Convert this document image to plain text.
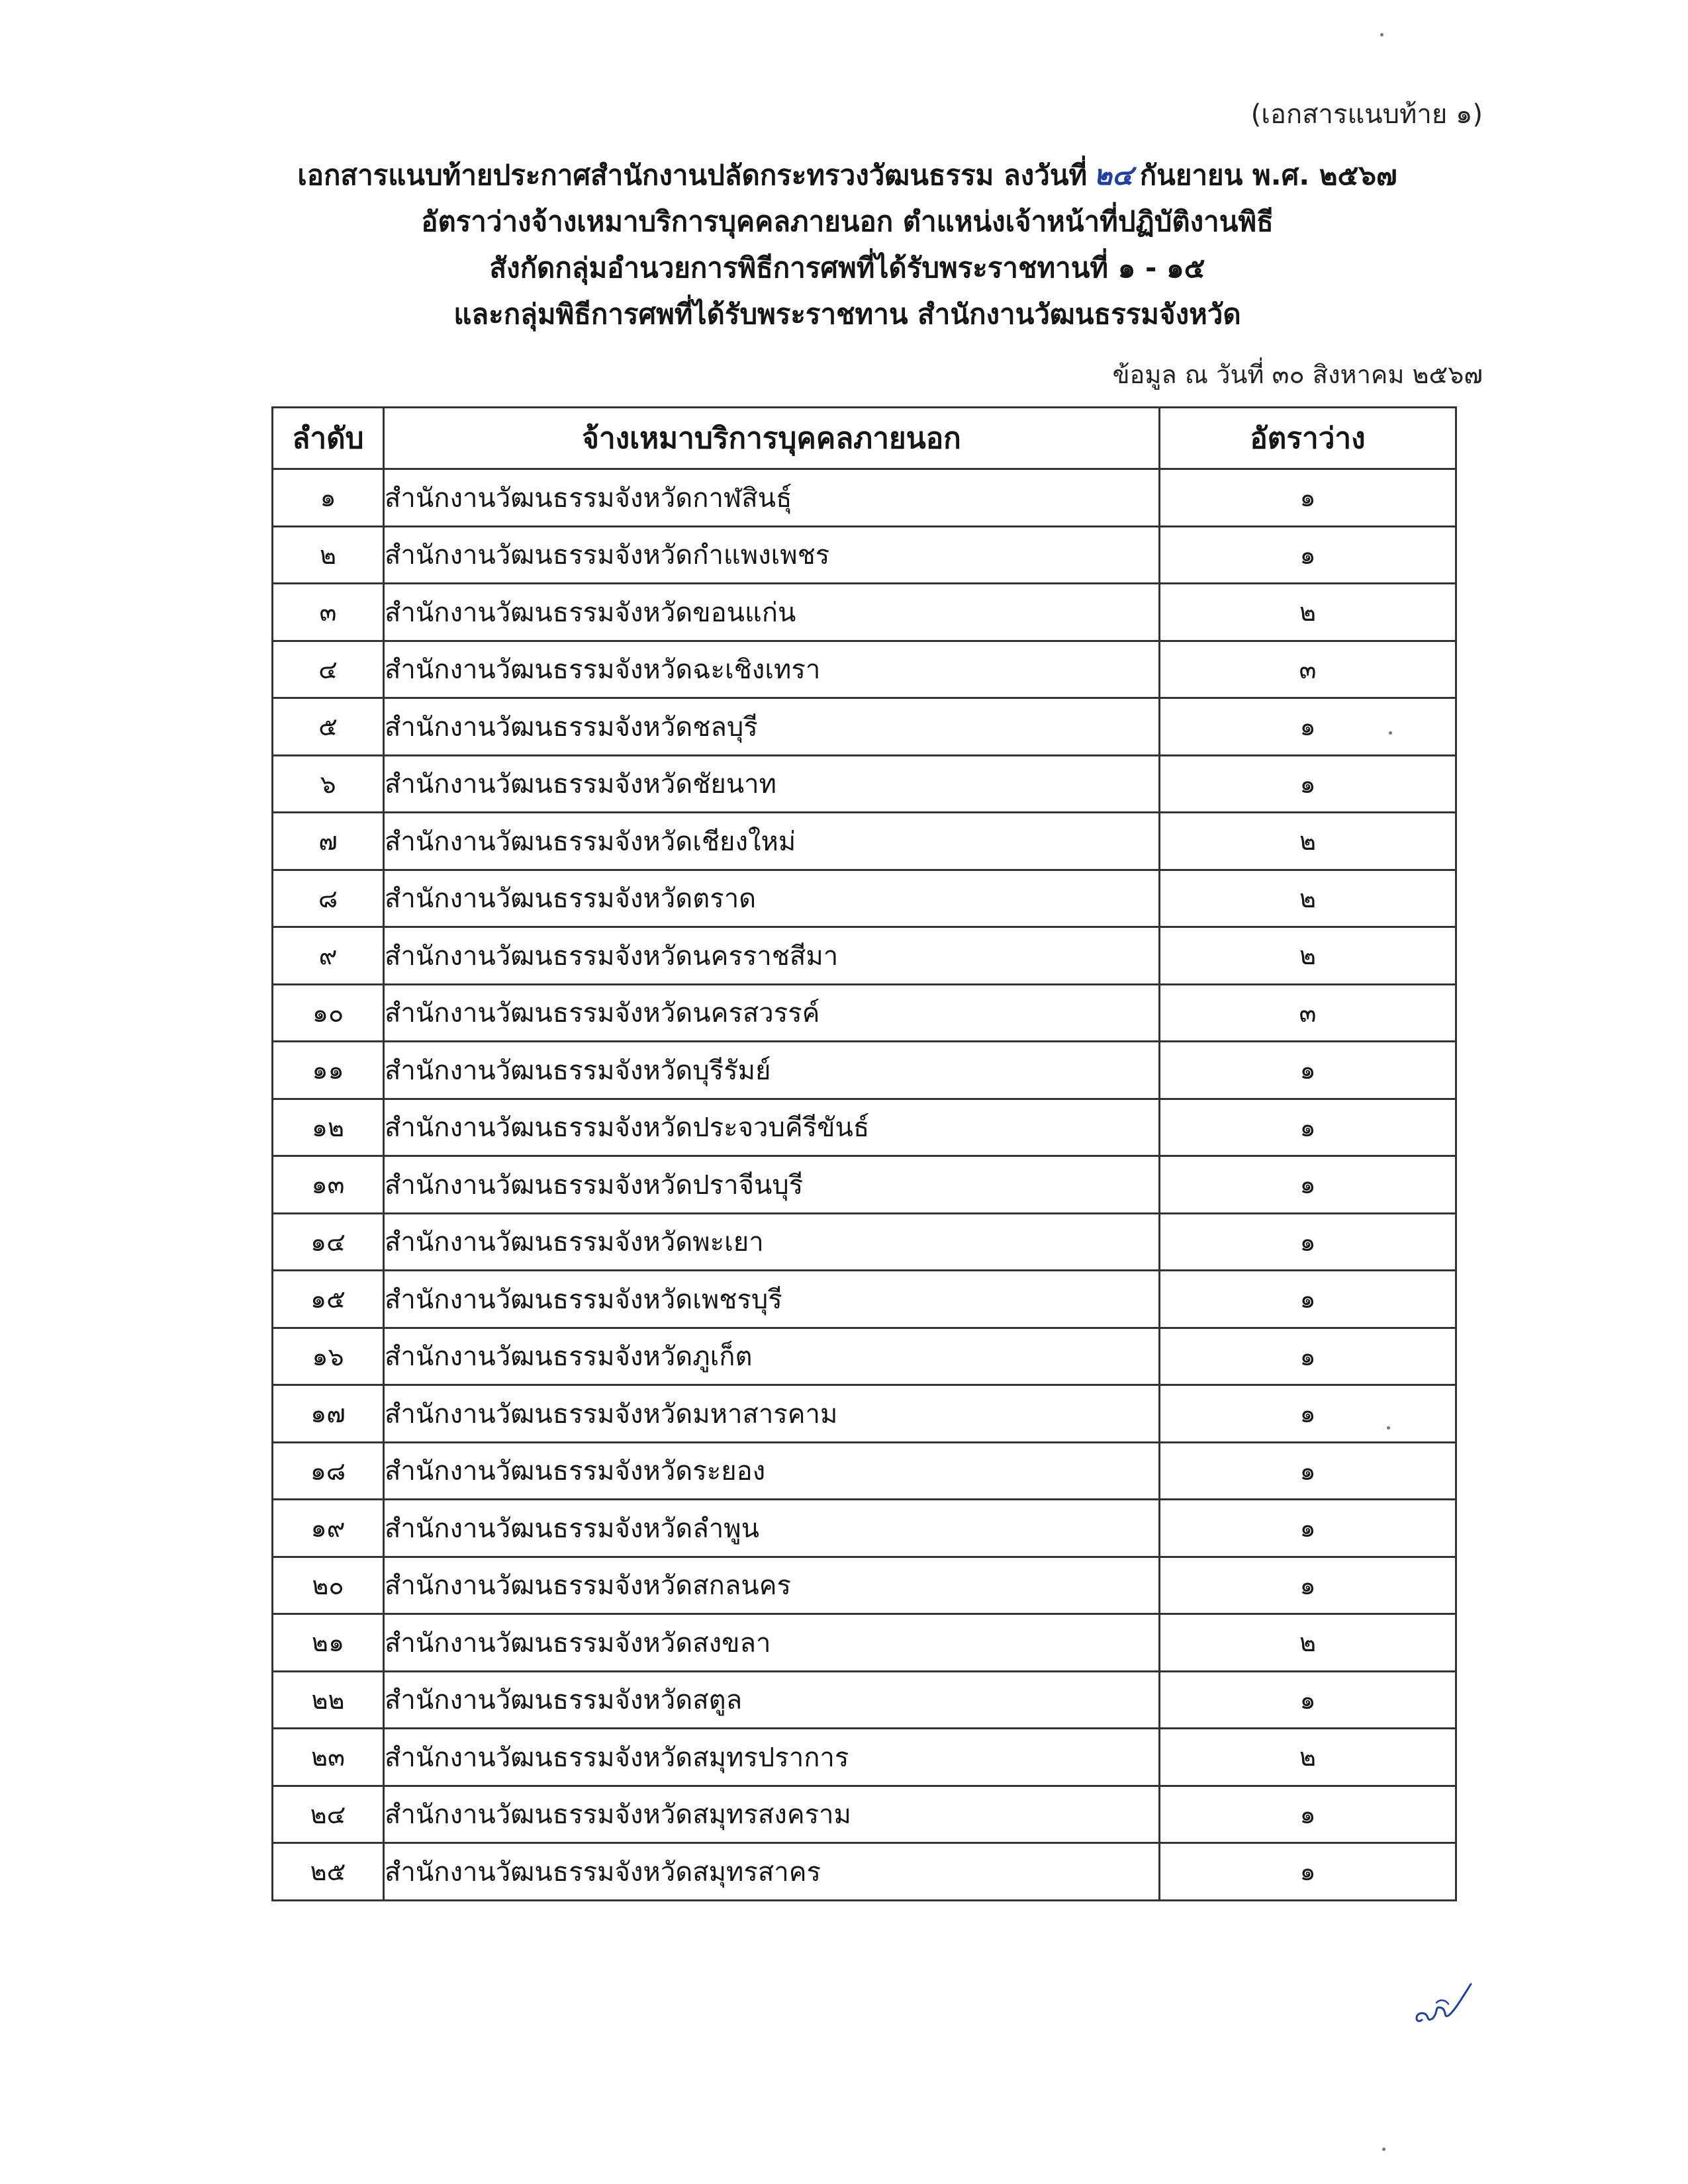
(เอกสารแนบท้าย ๑)
เอกสารแนบท้ายประกาศสำนักงานปลัดกระทรวงวัฒนธรรม ลงวันที่ ๒๔ กันยายน พ.ศ. ๒๕๖๗
อัตราว่างจ้างเหมาบริการบุคคลภายนอก ตำแหน่งเจ้าหน้าที่ปฏิบัติงานพิธี
สังกัดกลุ่มอำนวยการพิธีการศพที่ได้รับพระราชทานที่ ๑ - ๑๕
และกลุ่มพิธีการศพที่ได้รับพระราชทาน สำนักงานวัฒนธรรมจังหวัด
ข้อมูล ณ วันที่ ๓๐ สิงหาคม ๒๕๖๗
ลำดับ	จ้างเหมาบริการบุคคลภายนอก	อัตราว่าง
๑	สำนักงานวัฒนธรรมจังหวัดกาฬสินธุ์	๑
๒	สำนักงานวัฒนธรรมจังหวัดกำแพงเพชร	๑
๓	สำนักงานวัฒนธรรมจังหวัดขอนแก่น	๒
๔	สำนักงานวัฒนธรรมจังหวัดฉะเชิงเทรา	๓
๕	สำนักงานวัฒนธรรมจังหวัดชลบุรี	๑
๖	สำนักงานวัฒนธรรมจังหวัดชัยนาท	๑
๗	สำนักงานวัฒนธรรมจังหวัดเชียงใหม่	๒
๘	สำนักงานวัฒนธรรมจังหวัดตราด	๒
๙	สำนักงานวัฒนธรรมจังหวัดนครราชสีมา	๒
๑๐	สำนักงานวัฒนธรรมจังหวัดนครสวรรค์	๓
๑๑	สำนักงานวัฒนธรรมจังหวัดบุรีรัมย์	๑
๑๒	สำนักงานวัฒนธรรมจังหวัดประจวบคีรีขันธ์	๑
๑๓	สำนักงานวัฒนธรรมจังหวัดปราจีนบุรี	๑
๑๔	สำนักงานวัฒนธรรมจังหวัดพะเยา	๑
๑๕	สำนักงานวัฒนธรรมจังหวัดเพชรบุรี	๑
๑๖	สำนักงานวัฒนธรรมจังหวัดภูเก็ต	๑
๑๗	สำนักงานวัฒนธรรมจังหวัดมหาสารคาม	๑
๑๘	สำนักงานวัฒนธรรมจังหวัดระยอง	๑
๑๙	สำนักงานวัฒนธรรมจังหวัดลำพูน	๑
๒๐	สำนักงานวัฒนธรรมจังหวัดสกลนคร	๑
๒๑	สำนักงานวัฒนธรรมจังหวัดสงขลา	๒
๒๒	สำนักงานวัฒนธรรมจังหวัดสตูล	๑
๒๓	สำนักงานวัฒนธรรมจังหวัดสมุทรปราการ	๒
๒๔	สำนักงานวัฒนธรรมจังหวัดสมุทรสงคราม	๑
๒๕	สำนักงานวัฒนธรรมจังหวัดสมุทรสาคร	๑
